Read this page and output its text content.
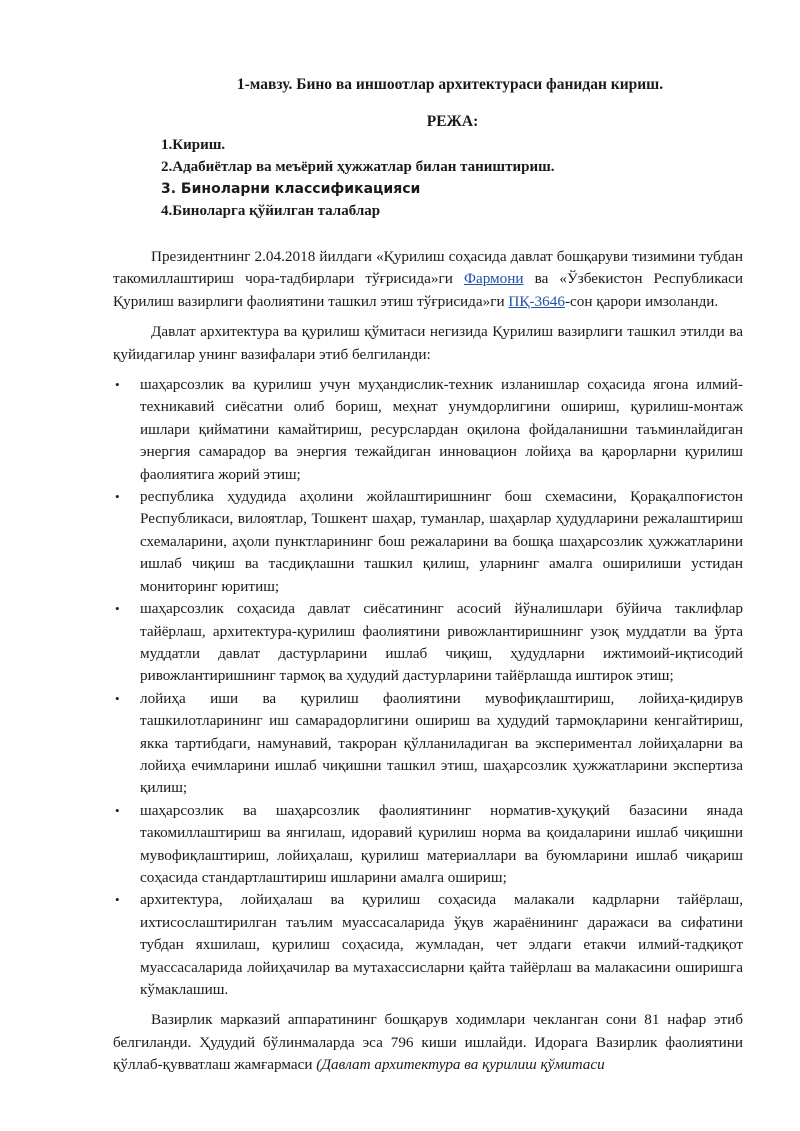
1-мавзу. Бино ва иншоотлар архитектураси фанидан кириш.
РЕЖА:
1.Кириш.
2.Адабиётлар ва меъёрий ҳужжатлар билан таништириш.
3. Биноларни классификацияси
4.Биноларга қўйилган талаблар

Президентнинг 2.04.2018 йилдаги «Қурилиш соҳасида давлат бошқаруви тизимини тубдан такомиллаштириш чора-тадбирлари тўғрисида»ги Фармони ва «Ўзбекистон Республикаси Қурилиш вазирлиги фаолиятини ташкил этиш тўғрисида»ги ПҚ-3646-сон қарори имзоланди.

Давлат архитектура ва қурилиш қўмитаси негизида Қурилиш вазирлиги ташкил этилди ва қуйидагилар унинг вазифалари этиб белгиланди:

• шаҳарсозлик ва қурилиш учун муҳандислик-техник изланишлар соҳасида ягона илмий-техникавий сиёсатни олиб бориш, меҳнат унумдорлигини ошириш, қурилиш-монтаж ишлари қийматини камайтириш, ресурслардан оқилона фойдаланишни таъминлайдиган энергия самарадор ва энергия тежайдиган инновацион лойиҳа ва қарорларни қурилиш фаолиятига жорий этиш;
• республика ҳудудида аҳолини жойлаштиришнинг бош схемасини, Қорақалпоғистон Республикаси, вилоятлар, Тошкент шаҳар, туманлар, шаҳарлар ҳудудларини режалаштириш схемаларини, аҳоли пунктларининг бош режаларини ва бошқа шаҳарсозлик ҳужжатларини ишлаб чиқиш ва тасдиқлашни ташкил қилиш, уларнинг амалга оширилиши устидан мониторинг юритиш;
• шаҳарсозлик соҳасида давлат сиёсатининг асосий йўналишлари бўйича таклифлар тайёрлаш, архитектура-қурилиш фаолиятини ривожлантиришнинг узоқ муддатли ва ўрта муддатли давлат дастурларини ишлаб чиқиш, ҳудудларни ижтимоий-иқтисодий ривожлантиришнинг тармоқ ва ҳудудий дастурларини тайёрлашда иштирок этиш;
• лойиҳа иши ва қурилиш фаолиятини мувофиқлаштириш, лойиҳа-қидирув ташкилотларининг иш самарадорлигини ошириш ва ҳудудий тармоқларини кенгайтириш, якка тартибдаги, намунавий, такроран қўлланиладиган ва экспериментал лойиҳаларни ва лойиҳа ечимларини ишлаб чиқишни ташкил этиш, шаҳарсозлик ҳужжатларини экспертиза қилиш;
• шаҳарсозлик ва шаҳарсозлик фаолиятининг норматив-ҳуқуқий базасини янада такомиллаштириш ва янгилаш, идоравий қурилиш норма ва қоидаларини ишлаб чиқишни мувофиқлаштириш, лойиҳалаш, қурилиш материаллари ва буюмларини ишлаб чиқариш соҳасида стандартлаштириш ишларини амалга ошириш;
• архитектура, лойиҳалаш ва қурилиш соҳасида малакали кадрларни тайёрлаш, ихтисослаштирилган таълим муассасаларида ўқув жараёнининг даражаси ва сифатини тубдан яхшилаш, қурилиш соҳасида, жумладан, чет элдаги етакчи илмий-тадқиқот муассасаларида лойиҳачилар ва мутахассисларни қайта тайёрлаш ва малакасини оширишга кўмаклашиш.

Вазирлик марказий аппаратининг бошқарув ходимлари чекланган сони 81 нафар этиб белгиланди. Ҳудудий бўлинмаларда эса 796 киши ишлайди. Идорага Вазирлик фаолиятини қўллаб-қувватлаш жамғармаси (Давлат архитектура ва қурилиш қўмитаси
